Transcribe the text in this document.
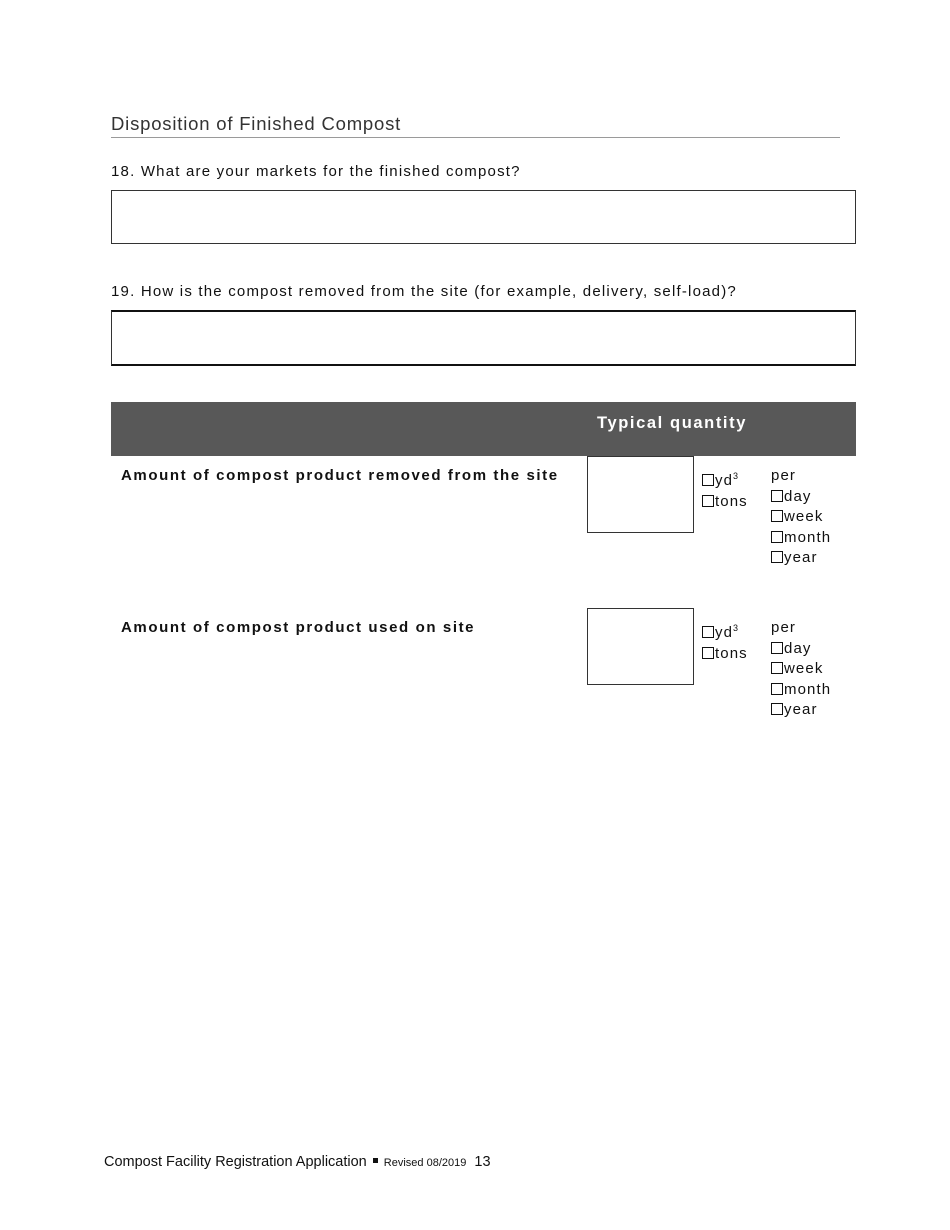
Disposition of Finished Compost
18. What are your markets for the finished compost?
19. How is the compost removed from the site (for example, delivery, self-load)?
Typical quantity
Amount of compost product removed from the site	$yd^3$
tons
per
day
week
month
year
Amount of compost product used on site	$yd^3$
tons
per
day
week
month
year
Compost Facility Registration Application Revised 08/2019 13
